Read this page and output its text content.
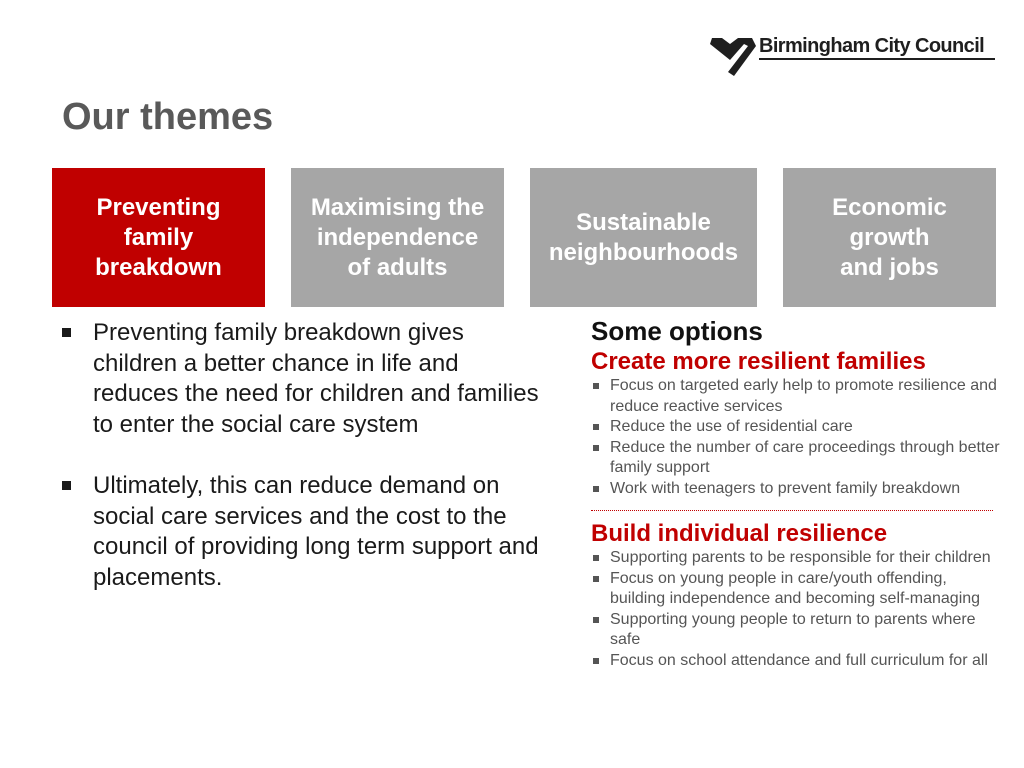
Birmingham City Council
Our themes
Preventing
family
breakdown
Maximising the
independence
of adults
Sustainable
neighbourhoods
Economic
growth
and jobs
Preventing family breakdown gives children a better chance in life and reduces the need for children and families to enter the social care system
Ultimately, this can reduce demand on social care services and the cost to the council of providing long term support and placements.

Some options

Create more resilient families

Focus on targeted early help to promote resilience and reduce reactive services
Reduce the use of residential care
Reduce the number of care proceedings through better family support
Work with teenagers to prevent family breakdown

Build individual resilience

Supporting parents to be responsible for their children
Focus on young people in care/youth offending, building independence and becoming self-managing
Supporting young people to return to parents where safe
Focus on school attendance and full curriculum for all
